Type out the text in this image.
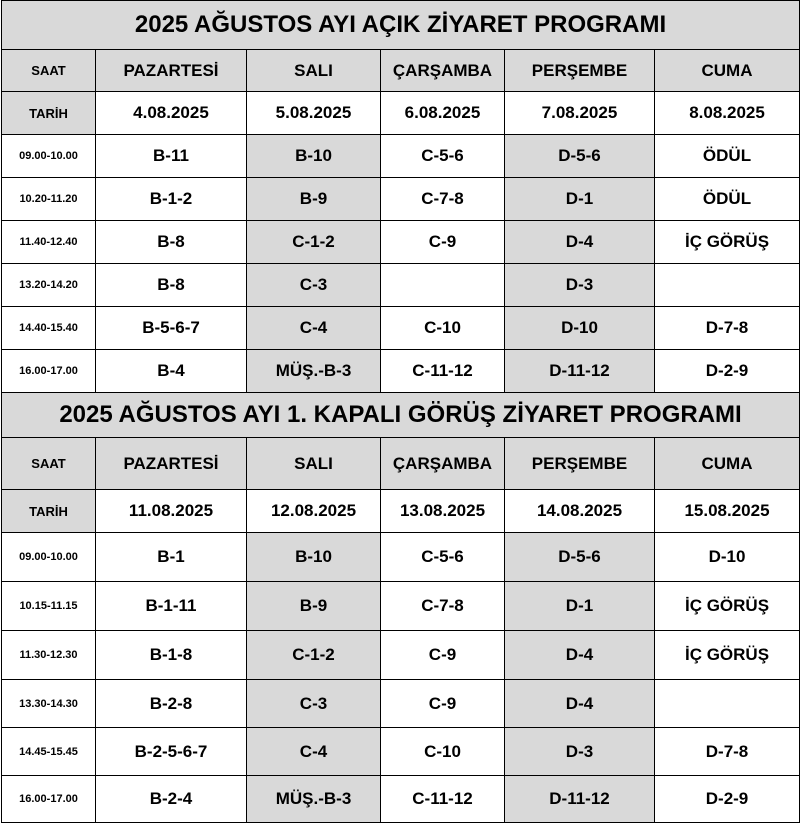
2025 AĞUSTOS AYI AÇIK ZİYARET PROGRAMI					
SAAT	PAZARTESİ	SALI	ÇARŞAMBA	PERŞEMBE	CUMA
TARİH	4.08.2025	5.08.2025	6.08.2025	7.08.2025	8.08.2025
09.00-10.00	B-11	B-10	C-5-6	D-5-6	ÖDÜL
10.20-11.20	B-1-2	B-9	C-7-8	D-1	ÖDÜL
11.40-12.40	B-8	C-1-2	C-9	D-4	İÇ GÖRÜŞ
13.20-14.20	B-8	C-3		D-3	
14.40-15.40	B-5-6-7	C-4	C-10	D-10	D-7-8
16.00-17.00	B-4	MÜŞ.-B-3	C-11-12	D-11-12	D-2-9
2025 AĞUSTOS AYI 1. KAPALI GÖRÜŞ ZİYARET PROGRAMI					
SAAT	PAZARTESİ	SALI	ÇARŞAMBA	PERŞEMBE	CUMA
TARİH	11.08.2025	12.08.2025	13.08.2025	14.08.2025	15.08.2025
09.00-10.00	B-1	B-10	C-5-6	D-5-6	D-10
10.15-11.15	B-1-11	B-9	C-7-8	D-1	İÇ GÖRÜŞ
11.30-12.30	B-1-8	C-1-2	C-9	D-4	İÇ GÖRÜŞ
13.30-14.30	B-2-8	C-3	C-9	D-4	
14.45-15.45	B-2-5-6-7	C-4	C-10	D-3	D-7-8
16.00-17.00	B-2-4	MÜŞ.-B-3	C-11-12	D-11-12	D-2-9
